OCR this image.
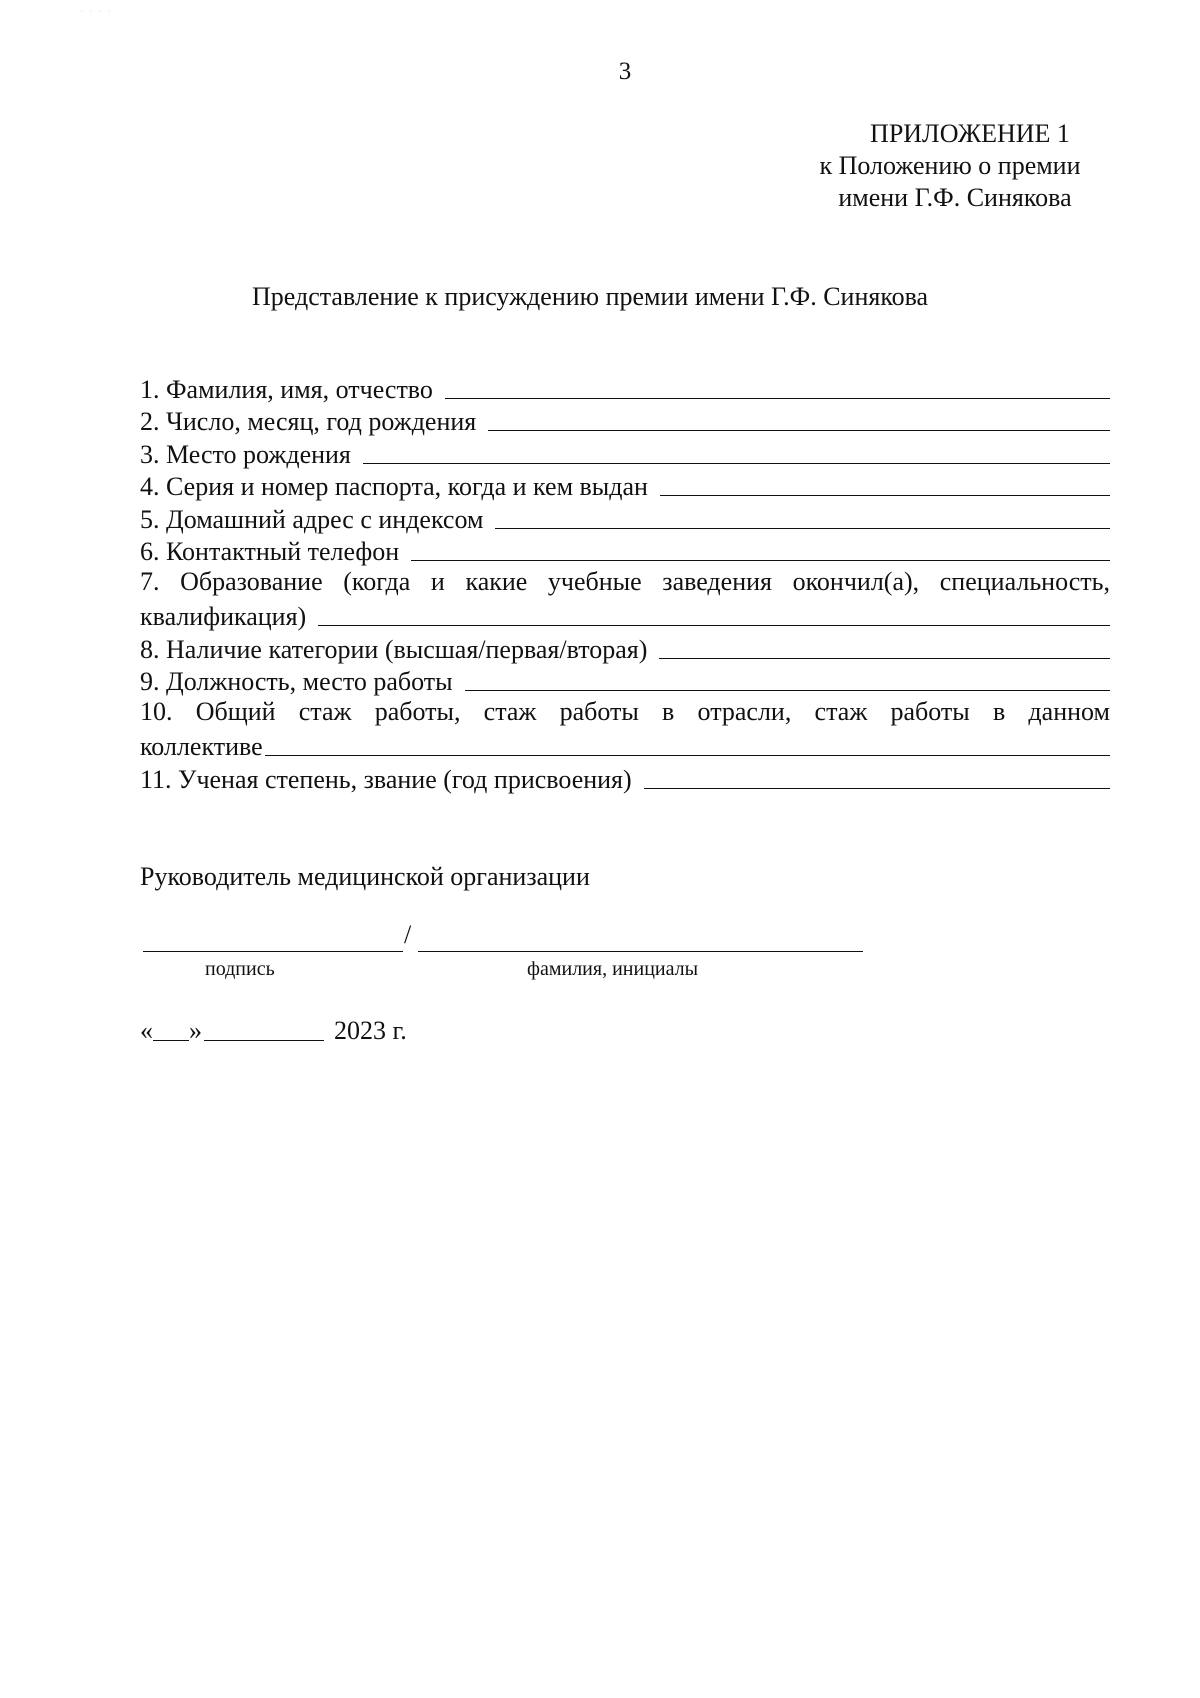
· · · ·
3
ПРИЛОЖЕНИЕ 1
к Положению о премии
имени Г.Ф. Синякова
Представление к присуждению премии имени Г.Ф. Синякова
1. Фамилия, имя, отчество
2. Число, месяц, год рождения
3. Место рождения
4. Серия и номер паспорта, когда и кем выдан
5. Домашний адрес с индексом
6. Контактный телефон
7. Образование (когда и какие учебные заведения окончил(а), специальность,
квалификация)
8. Наличие категории (высшая/первая/вторая)
9. Должность, место работы
10. Общий стаж работы, стаж работы в отрасли, стаж работы в данном
коллективе
11. Ученая степень, звание (год присвоения)
Руководитель медицинской организации
/
подпись	фамилия, инициалы
« »	2023 г.
